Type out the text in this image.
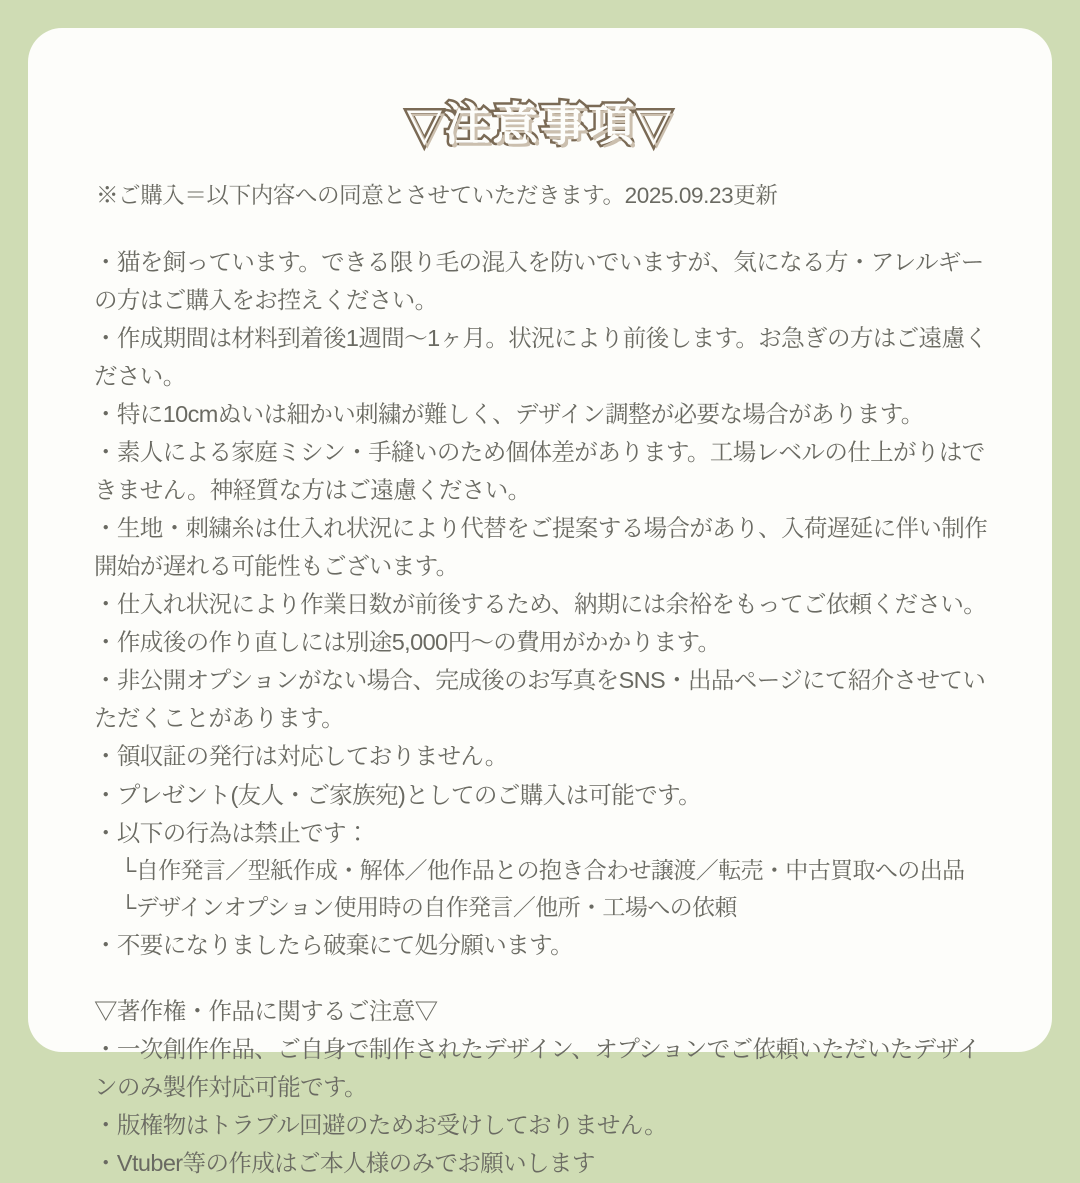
▽注意事項▽
※ご購入＝以下内容への同意とさせていただきます。2025.09.23更新
・猫を飼っています。できる限り毛の混入を防いでいますが、気になる方・アレルギーの方はご購入をお控えください。
・作成期間は材料到着後1週間〜1ヶ月。状況により前後します。お急ぎの方はご遠慮ください。
・特に10cmぬいは細かい刺繍が難しく、デザイン調整が必要な場合があります。
・素人による家庭ミシン・手縫いのため個体差があります。工場レベルの仕上がりはできません。神経質な方はご遠慮ください。
・生地・刺繍糸は仕入れ状況により代替をご提案する場合があり、入荷遅延に伴い制作開始が遅れる可能性もございます。
・仕入れ状況により作業日数が前後するため、納期には余裕をもってご依頼ください。
・作成後の作り直しには別途5,000円〜の費用がかかります。
・非公開オプションがない場合、完成後のお写真をSNS・出品ページにて紹介させていただくことがあります。
・領収証の発行は対応しておりません。
・プレゼント(友人・ご家族宛)としてのご購入は可能です。
・以下の行為は禁止です：
└自作発言／型紙作成・解体／他作品との抱き合わせ譲渡／転売・中古買取への出品
└デザインオプション使用時の自作発言／他所・工場への依頼
・不要になりましたら破棄にて処分願います。
▽著作権・作品に関するご注意▽
・一次創作作品、ご自身で制作されたデザイン、オプションでご依頼いただいたデザインのみ製作対応可能です。
・版権物はトラブル回避のためお受けしておりません。
・Vtuber等の作成はご本人様のみでお願いします
